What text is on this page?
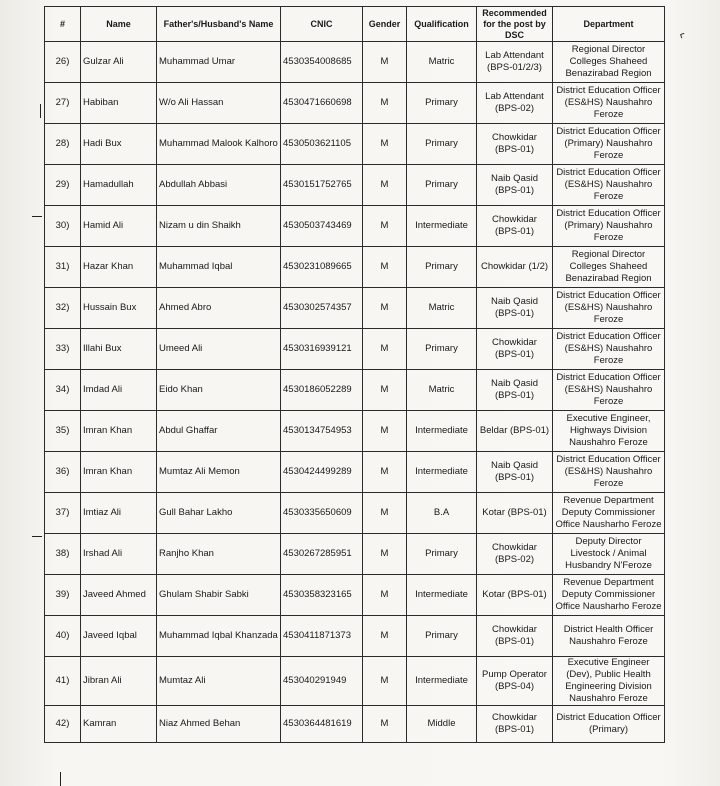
#	Name	Father's/Husband's Name	CNIC	Gender	Qualification	Recommended for the post by DSC	Department
26)	Gulzar Ali	Muhammad Umar	4530354008685	M	Matric	Lab Attendant (BPS-01/2/3)	Regional Director Colleges Shaheed Benazirabad Region
27)	Habiban	W/o Ali Hassan	4530471660698	M	Primary	Lab Attendant (BPS-02)	District Education Officer (ES&HS) Naushahro Feroze
28)	Hadi Bux	Muhammad Malook Kalhoro	4530503621105	M	Primary	Chowkidar (BPS-01)	District Education Officer (Primary) Naushahro Feroze
29)	Hamadullah	Abdullah Abbasi	4530151752765	M	Primary	Naib Qasid (BPS-01)	District Education Officer (ES&HS) Naushahro Feroze
30)	Hamid Ali	Nizam u din Shaikh	4530503743469	M	Intermediate	Chowkidar (BPS-01)	District Education Officer (Primary) Naushahro Feroze
31)	Hazar Khan	Muhammad Iqbal	4530231089665	M	Primary	Chowkidar (1/2)	Regional Director Colleges Shaheed Benazirabad Region
32)	Hussain Bux	Ahmed Abro	4530302574357	M	Matric	Naib Qasid (BPS-01)	District Education Officer (ES&HS) Naushahro Feroze
33)	Illahi Bux	Umeed Ali	4530316939121	M	Primary	Chowkidar (BPS-01)	District Education Officer (ES&HS) Naushahro Feroze
34)	Imdad Ali	Eido Khan	4530186052289	M	Matric	Naib Qasid (BPS-01)	District Education Officer (ES&HS) Naushahro Feroze
35)	Imran Khan	Abdul Ghaffar	4530134754953	M	Intermediate	Beldar (BPS-01)	Executive Engineer, Highways Division Naushahro Feroze
36)	Imran Khan	Mumtaz Ali Memon	4530424499289	M	Intermediate	Naib Qasid (BPS-01)	District Education Officer (ES&HS) Naushahro Feroze
37)	Imtiaz Ali	Gull Bahar Lakho	4530335650609	M	B.A	Kotar (BPS-01)	Revenue Department Deputy Commissioner Office Nausharho Feroze
38)	Irshad Ali	Ranjho Khan	4530267285951	M	Primary	Chowkidar (BPS-02)	Deputy Director Livestock / Animal Husbandry N'Feroze
39)	Javeed Ahmed	Ghulam Shabir Sabki	4530358323165	M	Intermediate	Kotar (BPS-01)	Revenue Department Deputy Commissioner Office Nausharho Feroze
40)	Javeed Iqbal	Muhammad Iqbal Khanzada	4530411871373	M	Primary	Chowkidar (BPS-01)	District Health Officer Naushahro Feroze
41)	Jibran Ali	Mumtaz Ali	453040291949	M	Intermediate	Pump Operator (BPS-04)	Executive Engineer (Dev), Public Health Engineering Division Naushahro Feroze
42)	Kamran	Niaz Ahmed Behan	4530364481619	M	Middle	Chowkidar (BPS-01)	District Education Officer (Primary)
‹
